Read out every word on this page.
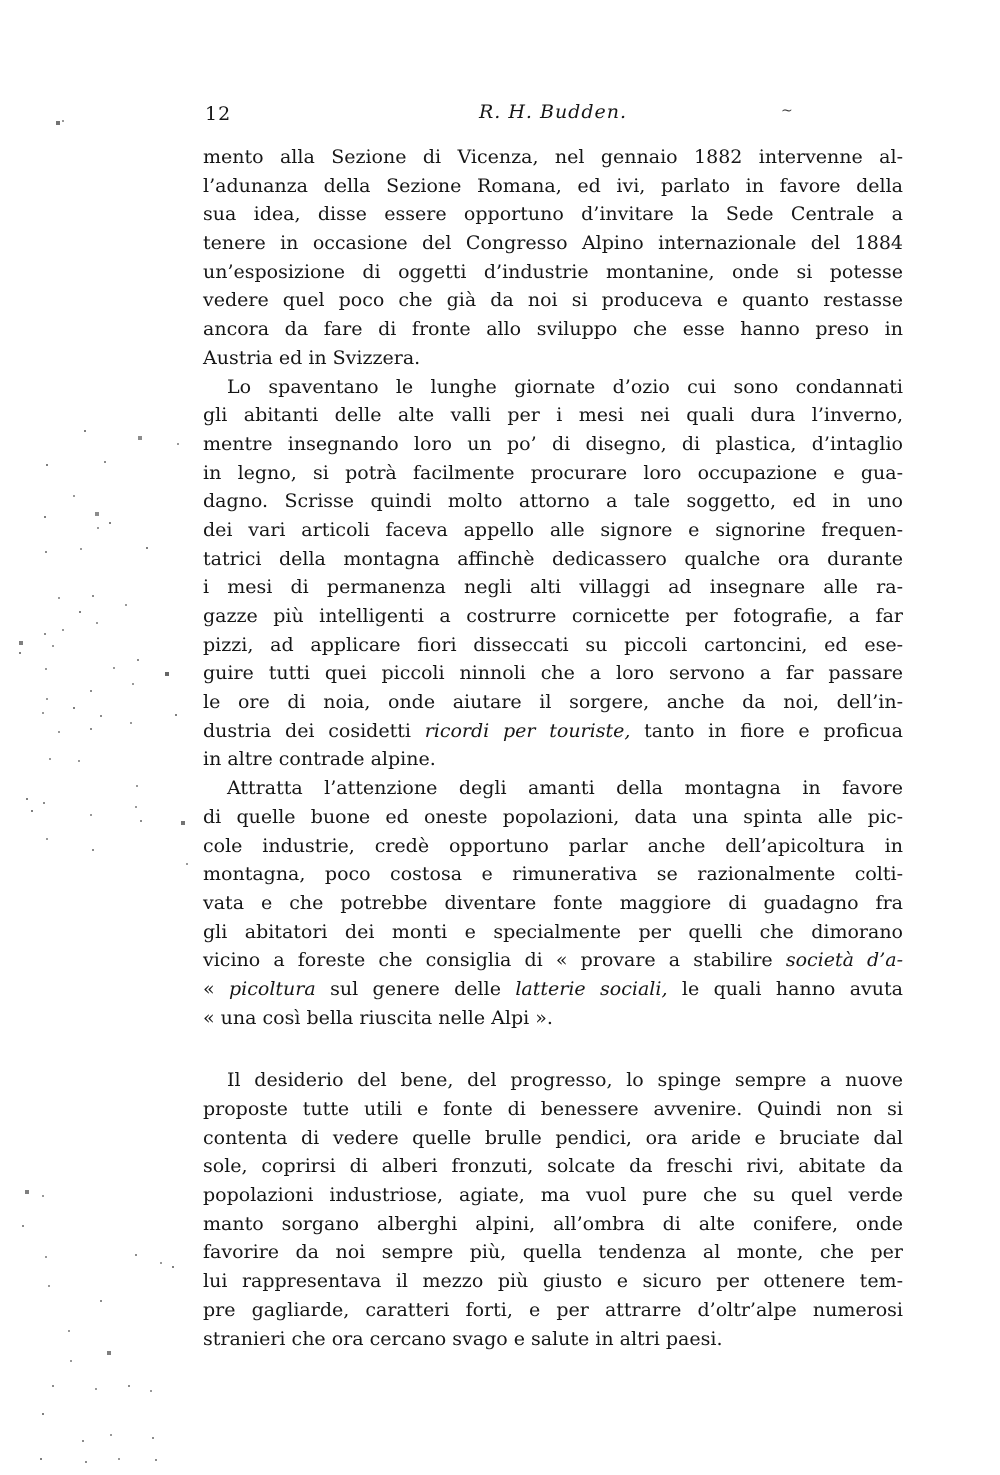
12	R. H. Budden.	~
mento alla Sezione di Vicenza, nel gennaio 1882 intervenne al-
l’adunanza della Sezione Romana, ed ivi, parlato in favore della
sua idea, disse essere opportuno d’invitare la Sede Centrale a
tenere in occasione del Congresso Alpino internazionale del 1884
un’esposizione di oggetti d’industrie montanine, onde si potesse
vedere quel poco che già da noi si produceva e quanto restasse
ancora da fare di fronte allo sviluppo che esse hanno preso in
Austria ed in Svizzera.
Lo spaventano le lunghe giornate d’ozio cui sono condannati
gli abitanti delle alte valli per i mesi nei quali dura l’inverno,
mentre insegnando loro un po’ di disegno, di plastica, d’intaglio
in legno, si potrà facilmente procurare loro occupazione e gua-
dagno. Scrisse quindi molto attorno a tale soggetto, ed in uno
dei vari articoli faceva appello alle signore e signorine frequen-
tatrici della montagna affinchè dedicassero qualche ora durante
i mesi di permanenza negli alti villaggi ad insegnare alle ra-
gazze più intelligenti a costrurre cornicette per fotografie, a far
pizzi, ad applicare fiori disseccati su piccoli cartoncini, ed ese-
guire tutti quei piccoli ninnoli che a loro servono a far passare
le ore di noia, onde aiutare il sorgere, anche da noi, dell’in-
dustria dei cosidetti ricordi per touriste, tanto in fiore e proficua
in altre contrade alpine.
Attratta l’attenzione degli amanti della montagna in favore
di quelle buone ed oneste popolazioni, data una spinta alle pic-
cole industrie, credè opportuno parlar anche dell’apicoltura in
montagna, poco costosa e rimunerativa se razionalmente colti-
vata e che potrebbe diventare fonte maggiore di guadagno fra
gli abitatori dei monti e specialmente per quelli che dimorano
vicino a foreste che consiglia di « provare a stabilire società d’a-
« picoltura sul genere delle latterie sociali, le quali hanno avuta
« una così bella riuscita nelle Alpi ».
Il desiderio del bene, del progresso, lo spinge sempre a nuove
proposte tutte utili e fonte di benessere avvenire. Quindi non si
contenta di vedere quelle brulle pendici, ora aride e bruciate dal
sole, coprirsi di alberi fronzuti, solcate da freschi rivi, abitate da
popolazioni industriose, agiate, ma vuol pure che su quel verde
manto sorgano alberghi alpini, all’ombra di alte conifere, onde
favorire da noi sempre più, quella tendenza al monte, che per
lui rappresentava il mezzo più giusto e sicuro per ottenere tem-
pre gagliarde, caratteri forti, e per attrarre d’oltr’alpe numerosi
stranieri che ora cercano svago e salute in altri paesi.
